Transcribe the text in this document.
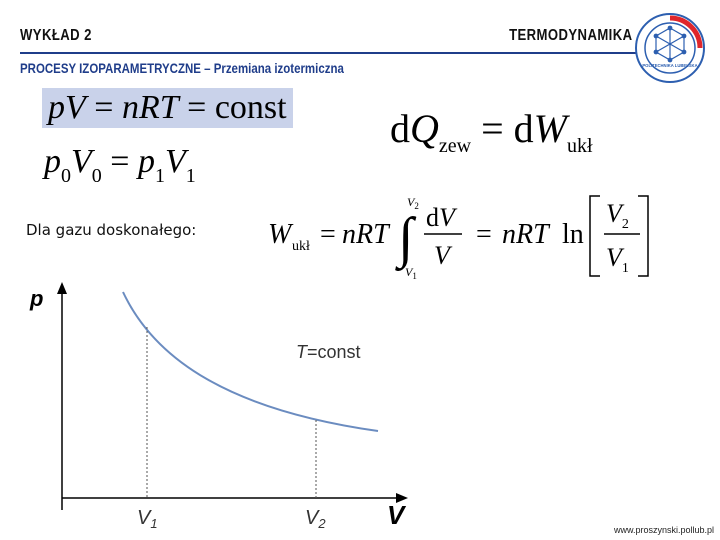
WYKŁAD 2	TERMODYNAMIKA
PROCESY IZOPARAMETRYCZNE – Przemiana izotermiczna	POLITECHNIKA LUBELSKA
pV = nRT = const
$p_0V_0 = p_1V_1$
$dQ_{zew} = dW_{ukł}$
Dla gazu doskonałego:	W ukł = nRT ∫
$V_2$
$V_1$
dV
V
= nRT ln
$V_2$
$V_1$
p
V
T=const
$V_1$	$V_2$	www.proszynski.pollub.pl
